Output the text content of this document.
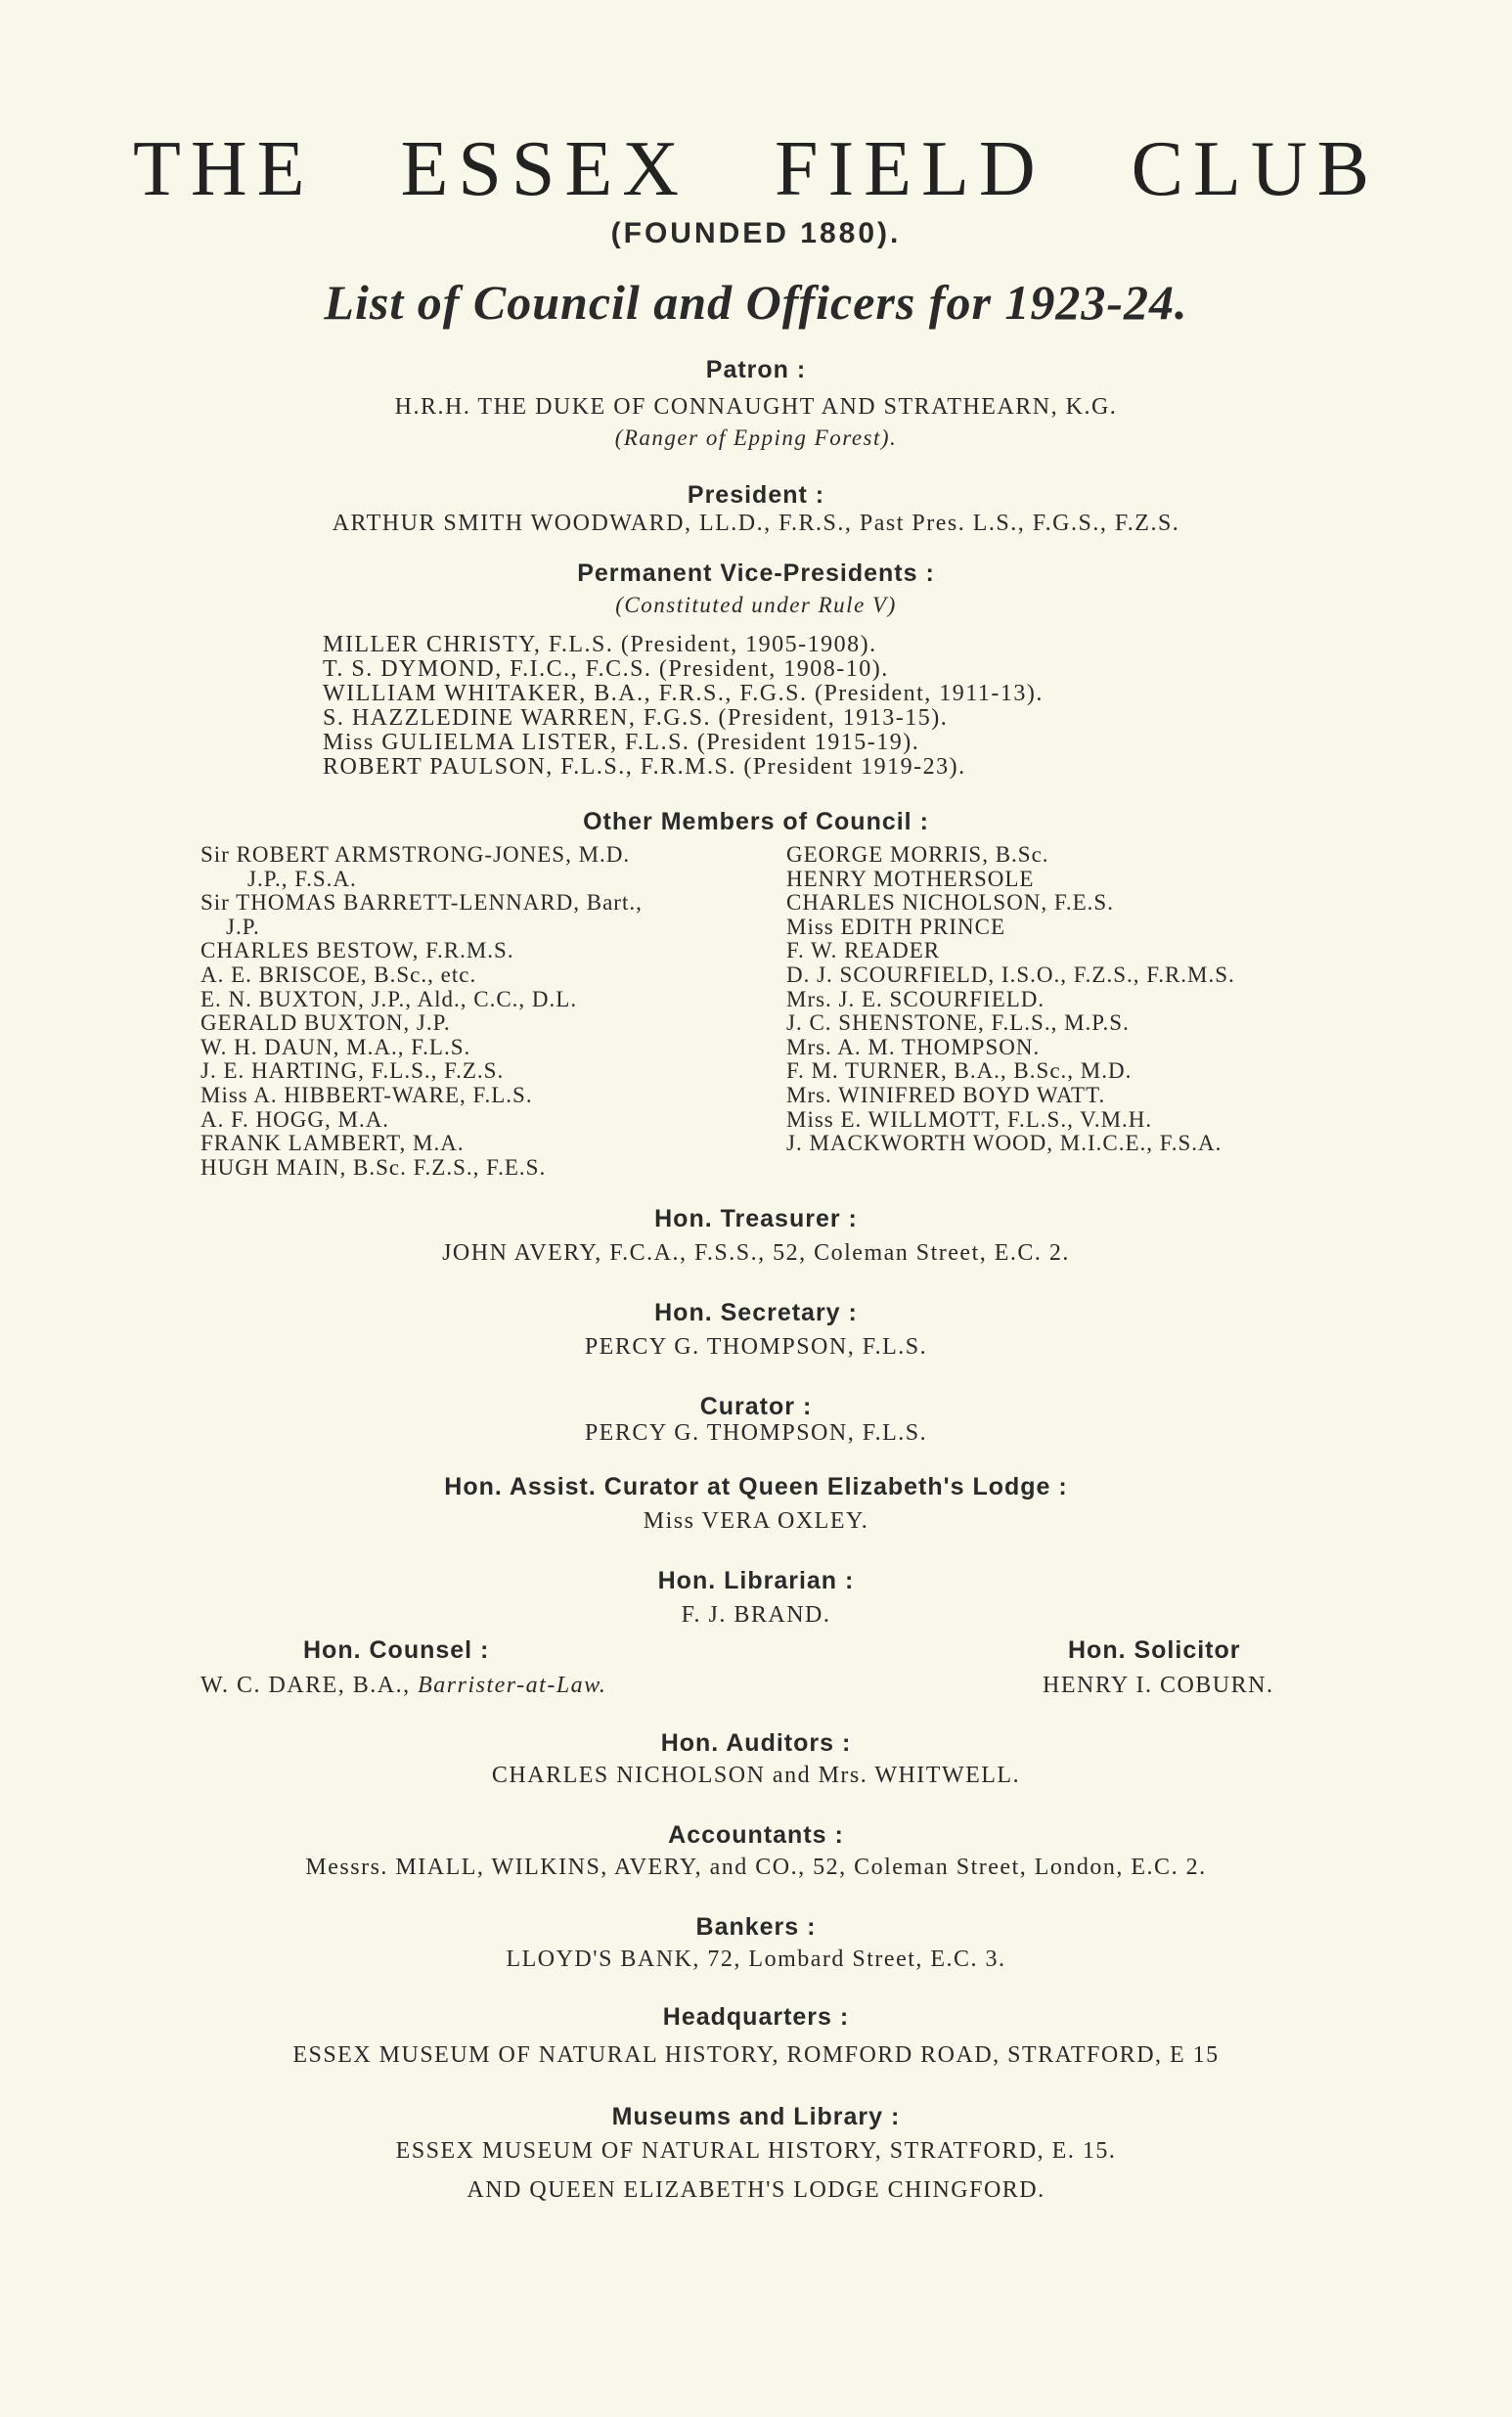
THE ESSEX FIELD CLUB
(FOUNDED 1880).
List of Council and Officers for 1923-24.
Patron :
H.R.H. THE DUKE OF CONNAUGHT AND STRATHEARN, K.G.
(Ranger of Epping Forest).
President :
ARTHUR SMITH WOODWARD, LL.D., F.R.S., Past Pres. L.S., F.G.S., F.Z.S.
Permanent Vice-Presidents :
(Constituted under Rule V)
MILLER CHRISTY, F.L.S. (President, 1905-1908).
T. S. DYMOND, F.I.C., F.C.S. (President, 1908-10).
WILLIAM WHITAKER, B.A., F.R.S., F.G.S. (President, 1911-13).
S. HAZZLEDINE WARREN, F.G.S. (President, 1913-15).
Miss GULIELMA LISTER, F.L.S. (President 1915-19).
ROBERT PAULSON, F.L.S., F.R.M.S. (President 1919-23).
Other Members of Council :
Sir ROBERT ARMSTRONG-JONES, M.D.
J.P., F.S.A.
Sir THOMAS BARRETT-LENNARD, Bart.,
J.P.
CHARLES BESTOW, F.R.M.S.
A. E. BRISCOE, B.Sc., etc.
E. N. BUXTON, J.P., Ald., C.C., D.L.
GERALD BUXTON, J.P.
W. H. DAUN, M.A., F.L.S.
J. E. HARTING, F.L.S., F.Z.S.
Miss A. HIBBERT-WARE, F.L.S.
A. F. HOGG, M.A.
FRANK LAMBERT, M.A.
HUGH MAIN, B.Sc. F.Z.S., F.E.S.
GEORGE MORRIS, B.Sc.
HENRY MOTHERSOLE
CHARLES NICHOLSON, F.E.S.
Miss EDITH PRINCE
F. W. READER
D. J. SCOURFIELD, I.S.O., F.Z.S., F.R.M.S.
Mrs. J. E. SCOURFIELD.
J. C. SHENSTONE, F.L.S., M.P.S.
Mrs. A. M. THOMPSON.
F. M. TURNER, B.A., B.Sc., M.D.
Mrs. WINIFRED BOYD WATT.
Miss E. WILLMOTT, F.L.S., V.M.H.
J. MACKWORTH WOOD, M.I.C.E., F.S.A.
Hon. Treasurer :
JOHN AVERY, F.C.A., F.S.S., 52, Coleman Street, E.C. 2.
Hon. Secretary :
PERCY G. THOMPSON, F.L.S.
Curator :
PERCY G. THOMPSON, F.L.S.
Hon. Assist. Curator at Queen Elizabeth's Lodge :
Miss VERA OXLEY.
Hon. Librarian :
F. J. BRAND.
Hon. Counsel :
W. C. DARE, B.A., Barrister-at-Law.
Hon. Solicitor
HENRY I. COBURN.
Hon. Auditors :
CHARLES NICHOLSON and Mrs. WHITWELL.
Accountants :
Messrs. MIALL, WILKINS, AVERY, and CO., 52, Coleman Street, London, E.C. 2.
Bankers :
LLOYD'S BANK, 72, Lombard Street, E.C. 3.
Headquarters :
ESSEX MUSEUM OF NATURAL HISTORY, ROMFORD ROAD, STRATFORD, E 15
Museums and Library :
ESSEX MUSEUM OF NATURAL HISTORY, STRATFORD, E. 15.
AND QUEEN ELIZABETH'S LODGE CHINGFORD.
